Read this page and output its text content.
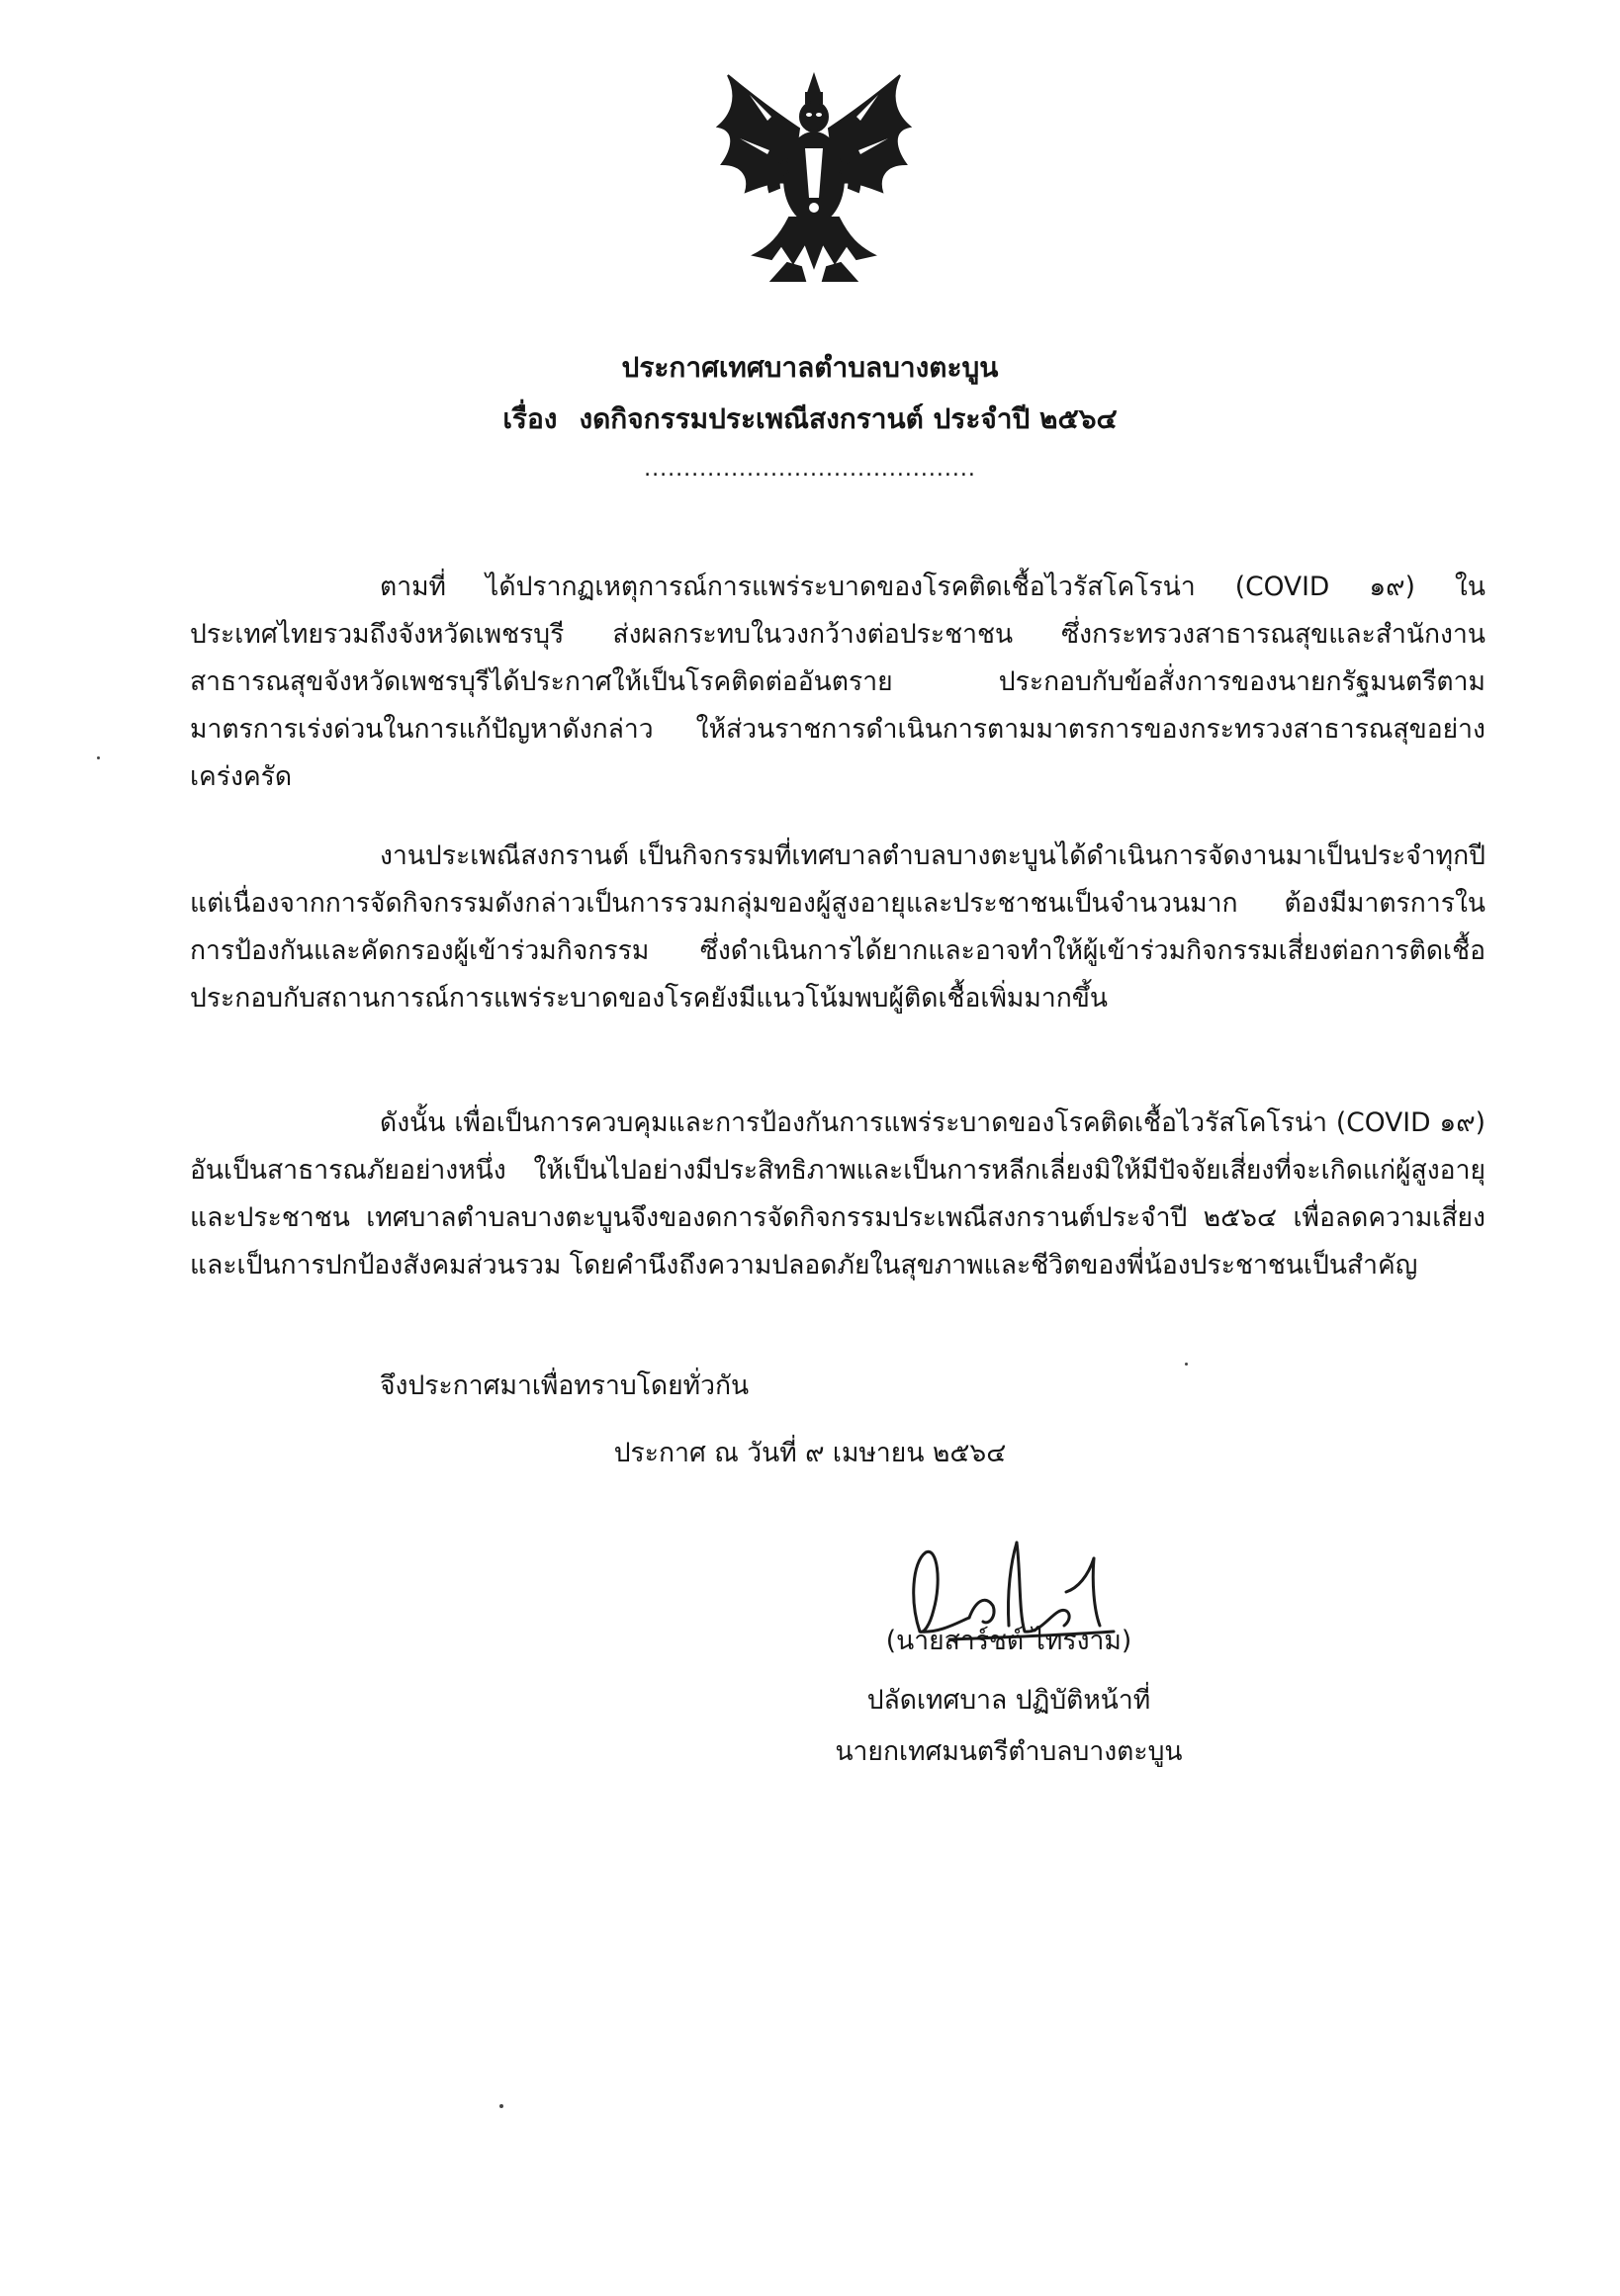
ประกาศเทศบาลตำบลบางตะบูน
เรื่อง งดกิจกรรมประเพณีสงกรานต์ ประจำปี ๒๕๖๔
..........................................

ตามที่ ได้ปรากฏเหตุการณ์การแพร่ระบาดของโรคติดเชื้อไวรัสโคโรน่า (COVID ๑๙) ในประเทศไทยรวมถึงจังหวัดเพชรบุรี ส่งผลกระทบในวงกว้างต่อประชาชน ซึ่งกระทรวงสาธารณสุขและสำนักงานสาธารณสุขจังหวัดเพชรบุรีได้ประกาศให้เป็นโรคติดต่ออันตราย ประกอบกับข้อสั่งการของนายกรัฐมนตรีตามมาตรการเร่งด่วนในการแก้ปัญหาดังกล่าว ให้ส่วนราชการดำเนินการตามมาตรการของกระทรวงสาธารณสุขอย่างเคร่งครัด

งานประเพณีสงกรานต์ เป็นกิจกรรมที่เทศบาลตำบลบางตะบูนได้ดำเนินการจัดงานมาเป็นประจำทุกปี แต่เนื่องจากการจัดกิจกรรมดังกล่าวเป็นการรวมกลุ่มของผู้สูงอายุและประชาชนเป็นจำนวนมาก ต้องมีมาตรการในการป้องกันและคัดกรองผู้เข้าร่วมกิจกรรม ซึ่งดำเนินการได้ยากและอาจทำให้ผู้เข้าร่วมกิจกรรมเสี่ยงต่อการติดเชื้อ ประกอบกับสถานการณ์การแพร่ระบาดของโรคยังมีแนวโน้มพบผู้ติดเชื้อเพิ่มมากขึ้น

ดังนั้น เพื่อเป็นการควบคุมและการป้องกันการแพร่ระบาดของโรคติดเชื้อไวรัสโคโรน่า (COVID ๑๙) อันเป็นสาธารณภัยอย่างหนึ่ง ให้เป็นไปอย่างมีประสิทธิภาพและเป็นการหลีกเลี่ยงมิให้มีปัจจัยเสี่ยงที่จะเกิดแก่ผู้สูงอายุและประชาชน เทศบาลตำบลบางตะบูนจึงของดการจัดกิจกรรมประเพณีสงกรานต์ประจำปี ๒๕๖๔ เพื่อลดความเสี่ยงและเป็นการปกป้องสังคมส่วนรวม โดยคำนึงถึงความปลอดภัยในสุขภาพและชีวิตของพี่น้องประชาชนเป็นสำคัญ

จึงประกาศมาเพื่อทราบโดยทั่วกัน
ประกาศ ณ วันที่ ๙ เมษายน ๒๕๖๔
(นายสาร์ชต์ ไทรงาม)
ปลัดเทศบาล ปฏิบัติหน้าที่
นายกเทศมนตรีตำบลบางตะบูน
